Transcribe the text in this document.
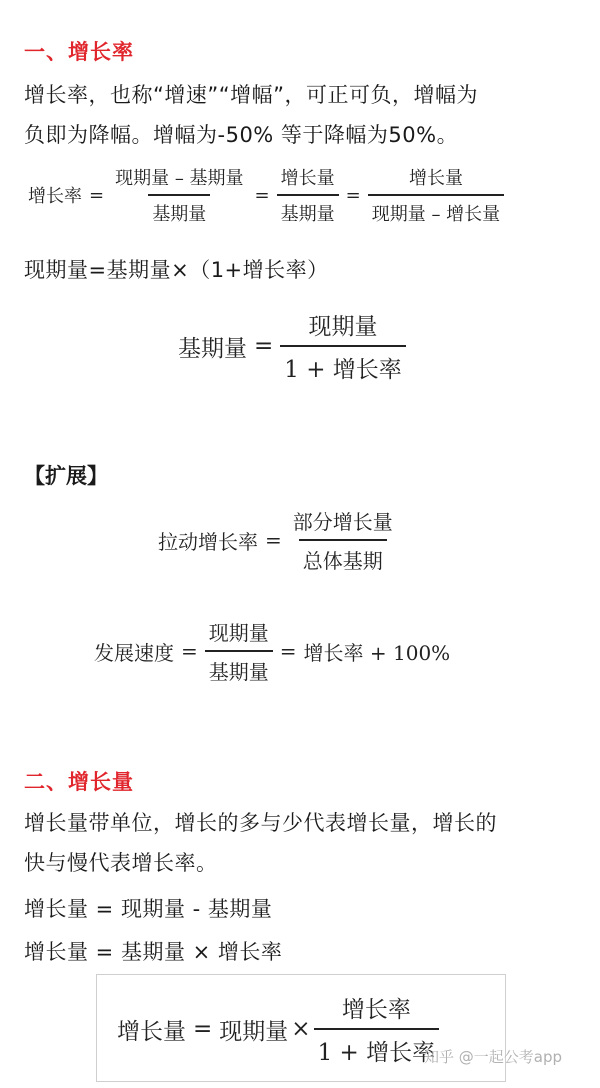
一、增长率
增长率，也称“增速”“增幅”，可正可负，增幅为
负即为降幅。增幅为-50% 等于降幅为50%。
增长率 = $\frac{\text{现期量 – 基期量}}{\text{基期量}} = \frac{\text{增长量}}{\text{基期量}} = \frac{\text{增长量}}{\text{现期量 – 增长量}}$
现期量=基期量×（1+增长率）
基期量 = $\frac{\text{现期量}}{\text{1 + 增长率}}$
【扩展】
拉动增长率 = $\frac{\text{部分增长量}}{\text{总体基期}}$
发展速度 = $\frac{\text{现期量}}{\text{基期量}}$ = 增长率 + 100%
二、增长量
增长量带单位，增长的多与少代表增长量，增长的
快与慢代表增长率。
增长量 = 现期量 - 基期量
增长量 = 基期量 × 增长率
增长量 = 现期量 × $\frac{\text{增长率}}{\text{1 + 增长率}}$
知乎 @一起公考app
